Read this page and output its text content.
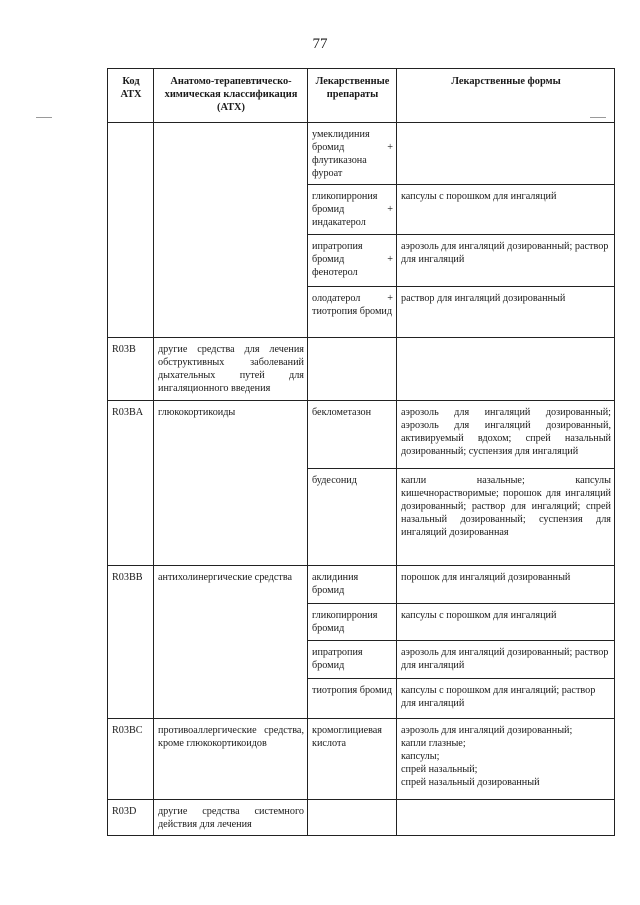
77
Код АТХ	Анатомо-терапевтическо-химическая классификация (АТХ)	Лекарственные препараты	Лекарственные формы
		умеклидиния бромид + флутиказона фуроат	
		гликопиррония бромид + индакатерол	капсулы с порошком для ингаляций
		ипратропия бромид + фенотерол	аэрозоль для ингаляций дозированный; раствор для ингаляций
		олодатерол + тиотропия бромид	раствор для ингаляций дозированный
R03B	другие средства для лечения обструктивных заболеваний дыхательных путей для ингаляционного введения		
R03BA	глюкокортикоиды	беклометазон	аэрозоль для ингаляций дозированный; аэрозоль для ингаляций дозированный, активируемый вдохом; спрей назальный дозированный; суспензия для ингаляций
		будесонид	капли назальные; капсулы кишечнорастворимые; порошок для ингаляций дозированный; раствор для ингаляций; спрей назальный дозированный; суспензия для ингаляций дозированная
R03BB	антихолинергические средства	аклидиния бромид	порошок для ингаляций дозированный
		гликопиррония бромид	капсулы с порошком для ингаляций
		ипратропия бромид	аэрозоль для ингаляций дозированный; раствор для ингаляций
		тиотропия бромид	капсулы с порошком для ингаляций; раствор для ингаляций
R03BC	противоаллергические средства, кроме глюкокортикоидов	кромоглициевая кислота	аэрозоль для ингаляций дозированный;
капли глазные;
капсулы;
спрей назальный;
спрей назальный дозированный

R03D	другие средства системного действия для лечения		
